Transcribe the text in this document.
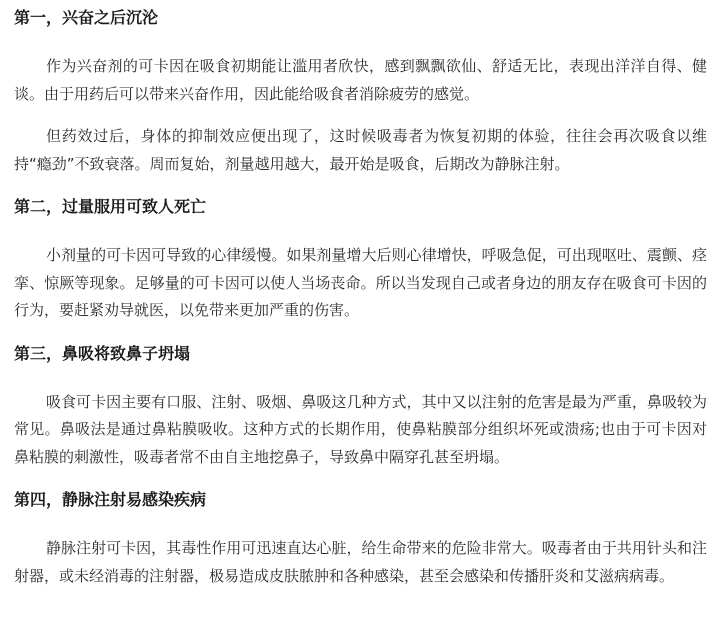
第一，兴奋之后沉沦

作为兴奋剂的可卡因在吸食初期能让滥用者欣快，感到飘飘欲仙、舒适无比，表现出洋洋自得、健谈。由于用药后可以带来兴奋作用，因此能给吸食者消除疲劳的感觉。

但药效过后，身体的抑制效应便出现了，这时候吸毒者为恢复初期的体验，往往会再次吸食以维持“瘾劲”不致衰落。周而复始，剂量越用越大，最开始是吸食，后期改为静脉注射。

第二，过量服用可致人死亡

小剂量的可卡因可导致的心律缓慢。如果剂量增大后则心律增快，呼吸急促，可出现呕吐、震颤、痉挛、惊厥等现象。足够量的可卡因可以使人当场丧命。所以当发现自己或者身边的朋友存在吸食可卡因的行为，要赶紧劝导就医，以免带来更加严重的伤害。

第三，鼻吸将致鼻子坍塌

吸食可卡因主要有口服、注射、吸烟、鼻吸这几种方式，其中又以注射的危害是最为严重，鼻吸较为常见。鼻吸法是通过鼻粘膜吸收。这种方式的长期作用，使鼻粘膜部分组织坏死或溃疡;也由于可卡因对鼻粘膜的刺激性，吸毒者常不由自主地挖鼻子，导致鼻中隔穿孔甚至坍塌。

第四，静脉注射易感染疾病

静脉注射可卡因，其毒性作用可迅速直达心脏，给生命带来的危险非常大。吸毒者由于共用针头和注射器，或未经消毒的注射器，极易造成皮肤脓肿和各种感染，甚至会感染和传播肝炎和艾滋病病毒。
